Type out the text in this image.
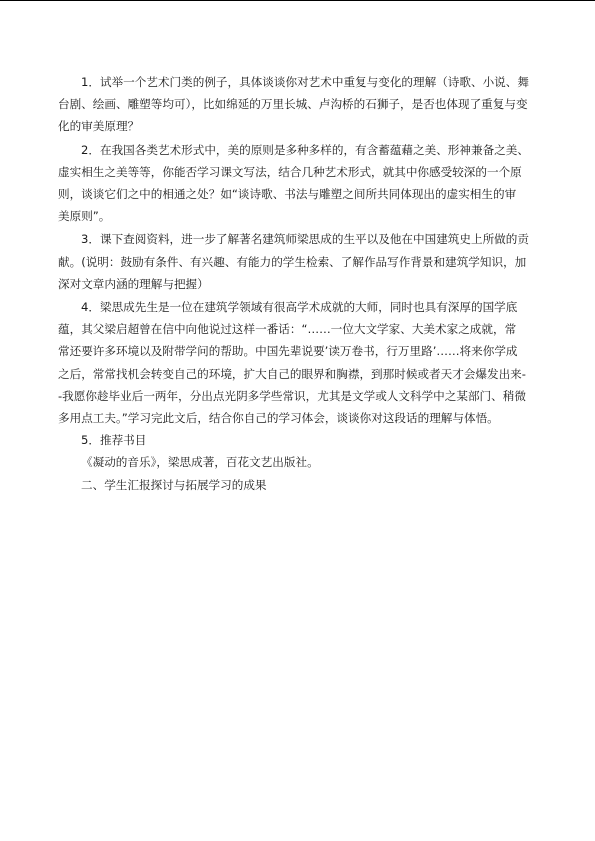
1．试举一个艺术门类的例子，具体谈谈你对艺术中重复与变化的理解（诗歌、小说、舞
台剧、绘画、雕塑等均可），比如绵延的万里长城、卢沟桥的石狮子，是否也体现了重复与变
化的审美原理？
2．在我国各类艺术形式中，美的原则是多种多样的，有含蓄蕴藉之美、形神兼备之美、
虚实相生之美等等，你能否学习课文写法，结合几种艺术形式，就其中你感受较深的一个原
则，谈谈它们之中的相通之处？如“谈诗歌、书法与雕塑之间所共同体现出的虚实相生的审
美原则”。
3．课下查阅资料，进一步了解著名建筑师梁思成的生平以及他在中国建筑史上所做的贡
献。(说明：鼓励有条件、有兴趣、有能力的学生检索、了解作品写作背景和建筑学知识，加
深对文章内涵的理解与把握）
4．梁思成先生是一位在建筑学领域有很高学术成就的大师，同时也具有深厚的国学底
蕴，其父梁启超曾在信中向他说过这样一番话：“……一位大文学家、大美术家之成就，常
常还要许多环境以及附带学问的帮助。中国先辈说要’读万卷书，行万里路’……将来你学成
之后，常常找机会转变自己的环境，扩大自己的眼界和胸襟，到那时候或者天才会爆发出来-
-我愿你趁毕业后一两年，分出点光阴多学些常识，尤其是文学或人文科学中之某部门、稍微
多用点工夫。”学习完此文后，结合你自己的学习体会，谈谈你对这段话的理解与体悟。

5．推荐书目

《凝动的音乐》，梁思成著，百花文艺出版社。

二、学生汇报探讨与拓展学习的成果
